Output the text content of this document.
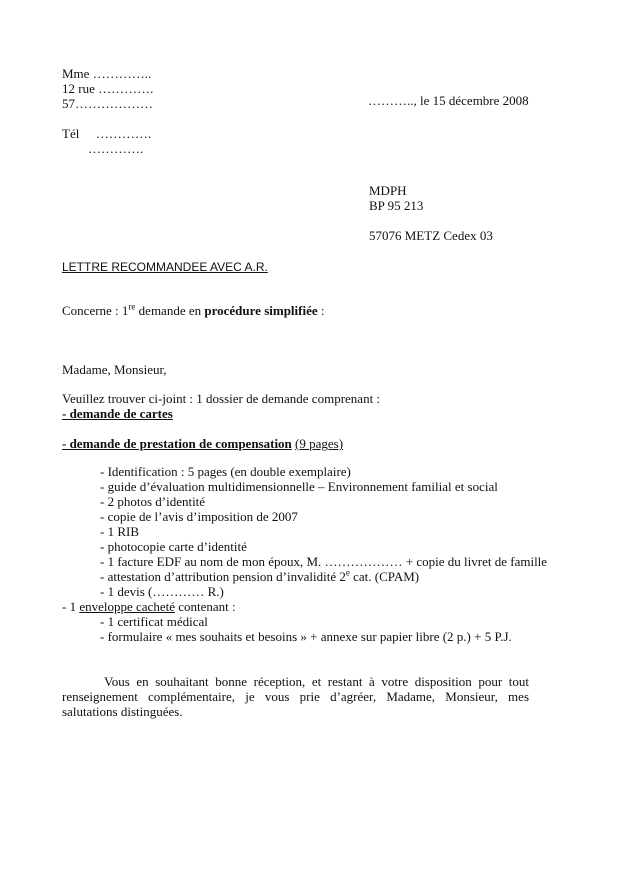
Mme …………..
12 rue ………….
57………………	……….., le 15 décembre 2008
Tél ………….
………….
MDPH
BP 95 213
57076 METZ Cedex 03
LETTRE RECOMMANDEE AVEC A.R.
Concerne : 1re demande en procédure simplifiée :
Madame, Monsieur,
Veuillez trouver ci-joint : 1 dossier de demande comprenant :
- demande de cartes
- demande de prestation de compensation (9 pages)
- Identification : 5 pages (en double exemplaire)
- guide d’évaluation multidimensionnelle – Environnement familial et social
- 2 photos d’identité
- copie de l’avis d’imposition de 2007
- 1 RIB
- photocopie carte d’identité
- 1 facture EDF au nom de mon époux, M. ……………… + copie du livret de famille
- attestation d’attribution pension d’invalidité 2e cat. (CPAM)
- 1 devis (………… R.)
- 1 enveloppe cacheté contenant :
- 1 certificat médical
- formulaire « mes souhaits et besoins » + annexe sur papier libre (2 p.) + 5 P.J.
Vous en souhaitant bonne réception, et restant à votre disposition pour tout renseignement complémentaire, je vous prie d’agréer, Madame, Monsieur, mes salutations distinguées.
